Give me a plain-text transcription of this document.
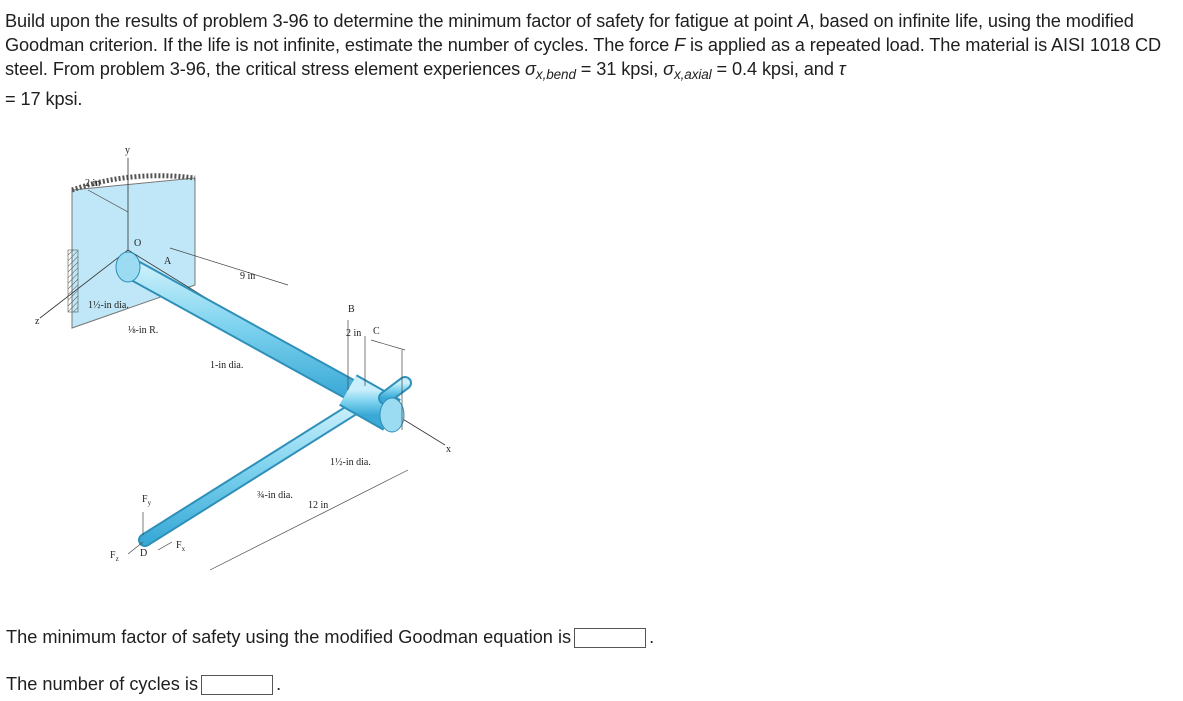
Build upon the results of problem 3-96 to determine the minimum factor of safety for fatigue at point A, based on infinite life, using the modified Goodman criterion. If the life is not infinite, estimate the number of cycles. The force F is applied as a repeated load. The material is AISI 1018 CD steel. From problem 3-96, the critical stress element experiences $\sigma_{x,bend} = 31$ kpsi, $\sigma_{x,axial} = 0.4$ kpsi, and τ
= 17 kpsi.
y
z
x
2 in
O
A
9 in
1½-in dia.
⅛-in R.
1-in dia.
B
2 in C
1½-in dia.
¾-in dia.
12 in
$F_y$
$F_z$ D
$F_x$
The minimum factor of safety using the modified Goodman equation is	.
The number of cycles is	.
